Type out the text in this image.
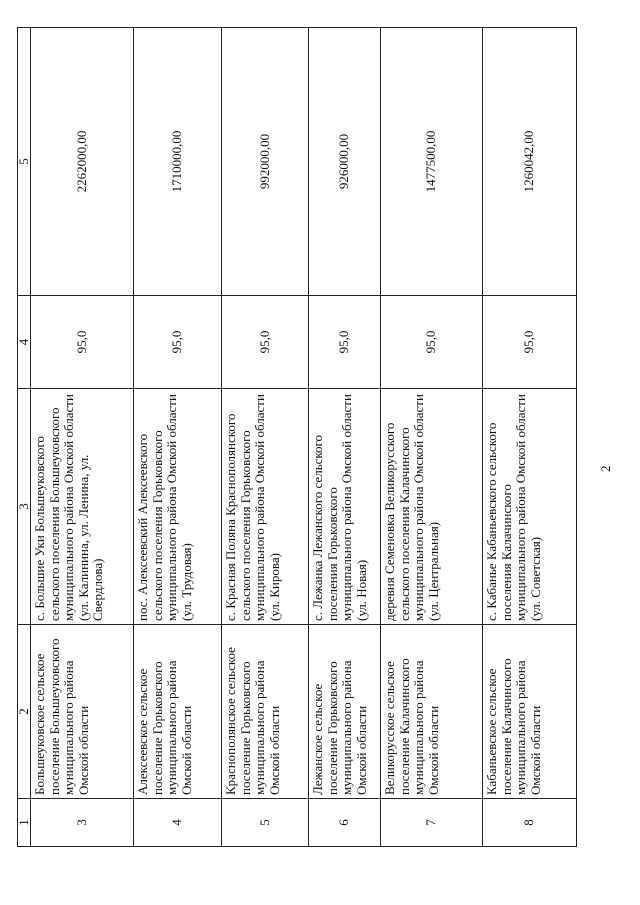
2
1	2	3	4	5
3	Большеуковское сельское поселение Большеуковского муниципального района Омской области	с. Большие Уки Большеуковского сельского поселения Большеуковского муниципального района Омской области (ул. Калинина, ул. Ленина, ул. Свердлова)	95,0	2262000,00
4	Алексеевское сельское поселение Горьковского муниципального района Омской области	пос. Алексеевский Алексеевского сельского поселения Горьковского муниципального района Омской области (ул. Трудовая)	95,0	1710000,00
5	Краснополянское сельское поселение Горьковского муниципального района Омской области	с. Красная Поляна Краснополянского сельского поселения Горьковского муниципального района Омской области (ул. Кирова)	95,0	992000,00
6	Лежанское сельское поселение Горьковского муниципального района Омской области	с. Лежанка Лежанского сельского поселения Горьковского муниципального района Омской области (ул. Новая)	95,0	926000,00
7	Великорусское сельское поселение Калачинского муниципального района Омской области	деревня Семеновка Великорусского сельского поселения Калачинского муниципального района Омской области (ул. Центральная)	95,0	1477500,00
8	Кабаньевское сельское поселение Калачинского муниципального района Омской области	с. Кабанье Кабаньевского сельского поселения Калачинского муниципального района Омской области (ул. Советская)	95,0	1260042,00
